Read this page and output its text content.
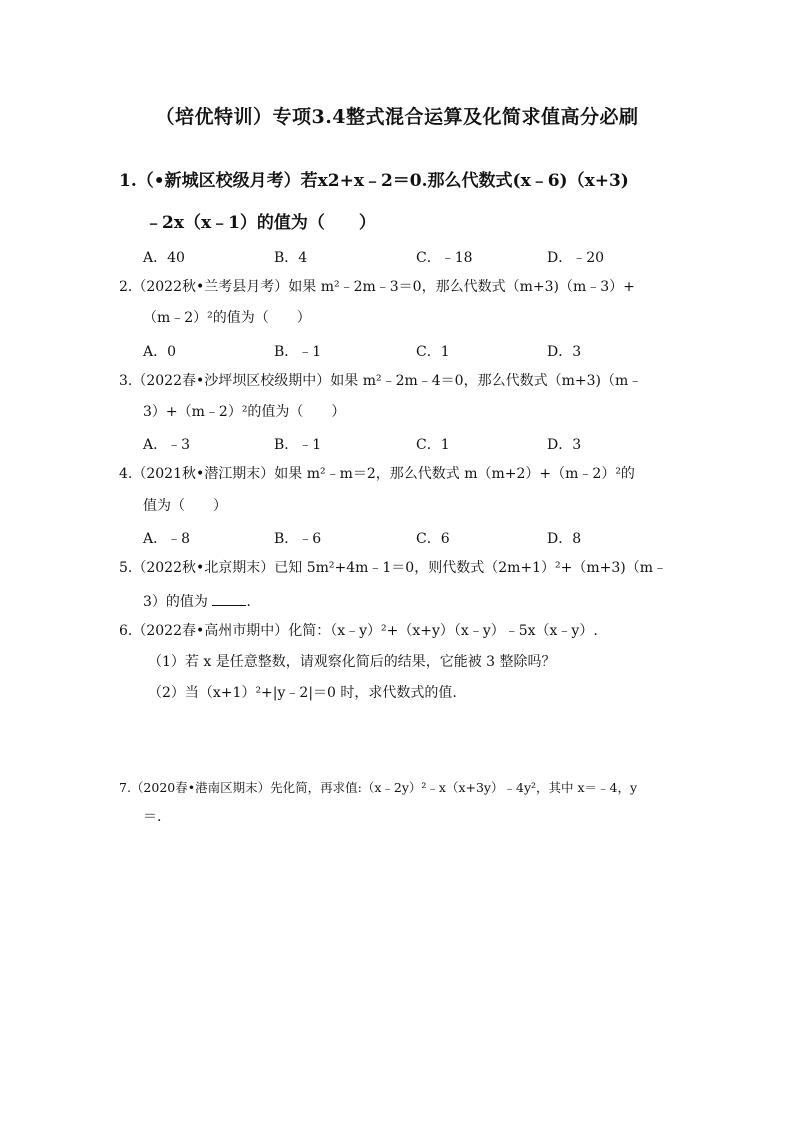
（培优特训）专项3.4整式混合运算及化简求值高分必刷
1.（•新城区校级月考）若x2+x﹣2＝0.那么代数式(x﹣6)（x+3)
﹣2x（x﹣1）的值为（　　）
A．40	B．4	C．﹣18	D．﹣20
2.（2022秋•兰考县月考）如果 m²﹣2m﹣3＝0，那么代数式（m+3)（m﹣3）+
（m﹣2）²的值为（　　）
A．0	B．﹣1	C．1	D．3
3.（2022春•沙坪坝区校级期中）如果 m²﹣2m﹣4＝0，那么代数式（m+3)（m﹣
3）+（m﹣2）²的值为（　　）
A．﹣3	B．﹣1	C．1	D．3
4.（2021秋•潜江期末）如果 m²﹣m＝2，那么代数式 m（m+2）+（m﹣2）²的
值为（　　）
A．﹣8	B．﹣6	C．6	D．8
5.（2022秋•北京期末）已知 5m²+4m﹣1＝0，则代数式（2m+1）²+（m+3)（m﹣
3）的值为	.
6.（2022春•高州市期中）化简：（x﹣y）²+（x+y）（x﹣y）﹣5x（x﹣y）.
（1）若 x 是任意整数，请观察化简后的结果，它能被 3 整除吗？
（2）当（x+1）²+|y﹣2|＝0 时，求代数式的值.
7.（2020春•港南区期末）先化简，再求值:（x﹣2y）²﹣x（x+3y）﹣4y²，其中 x＝﹣4，y
＝.
